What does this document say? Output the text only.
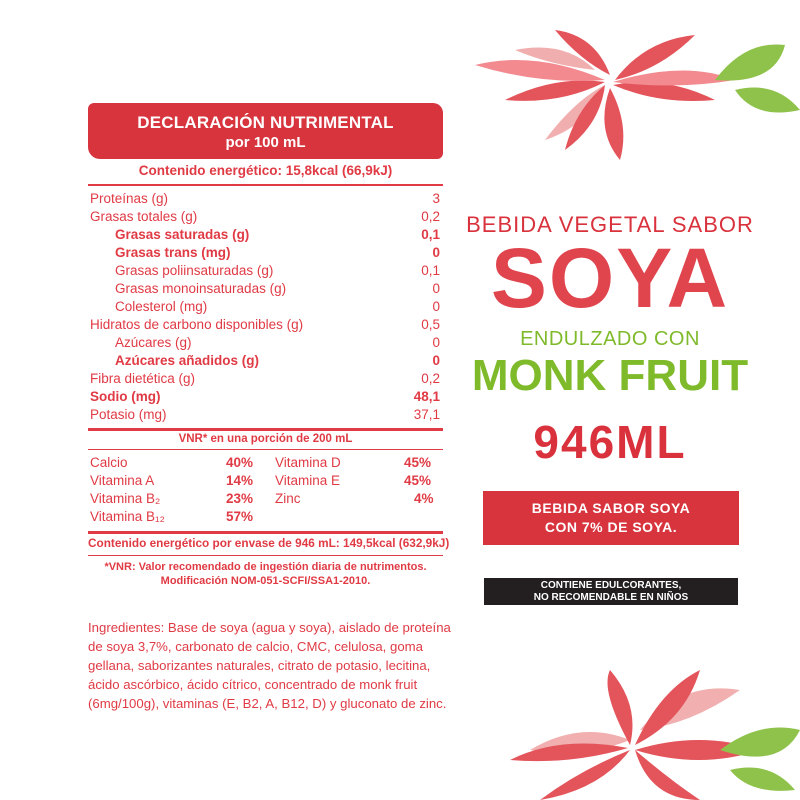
DECLARACIÓN NUTRIMENTAL
por 100 mL
Contenido energético: 15,8kcal (66,9kJ)
Proteínas (g)	3
Grasas totales (g)	0,2
Grasas saturadas (g)	0,1
Grasas trans (mg)	0
Grasas poliinsaturadas (g)	0,1
Grasas monoinsaturadas (g)	0
Colesterol (mg)	0
Hidratos de carbono disponibles (g)	0,5
Azúcares (g)	0
Azúcares añadidos (g)	0
Fibra dietética (g)	0,2
Sodio (mg)	48,1
Potasio (mg)	37,1
VNR* en una porción de 200 mL
Calcio	40% Vitamina D	45%
Vitamina A	14% Vitamina E	45%
Vitamina B₂	23% Zinc	4%
Vitamina B₁₂	57%
Contenido energético por envase de 946 mL: 149,5kcal (632,9kJ)
*VNR: Valor recomendado de ingestión diaria de nutrimentos.
Modificación NOM-051-SCFI/SSA1-2010.
Ingredientes: Base de soya (agua y soya), aislado de proteína de soya 3,7%, carbonato de calcio, CMC, celulosa, goma gellana, saborizantes naturales, citrato de potasio, lecitina, ácido ascórbico, ácido cítrico, concentrado de monk fruit (6mg/100g), vitaminas (E, B2, A, B12, D) y gluconato de zinc.
BEBIDA VEGETAL SABOR
SOYA
ENDULZADO CON
MONK FRUIT
946ML
BEBIDA SABOR SOYA
CON 7% DE SOYA.
CONTIENE EDULCORANTES,
NO RECOMENDABLE EN NIÑOS
